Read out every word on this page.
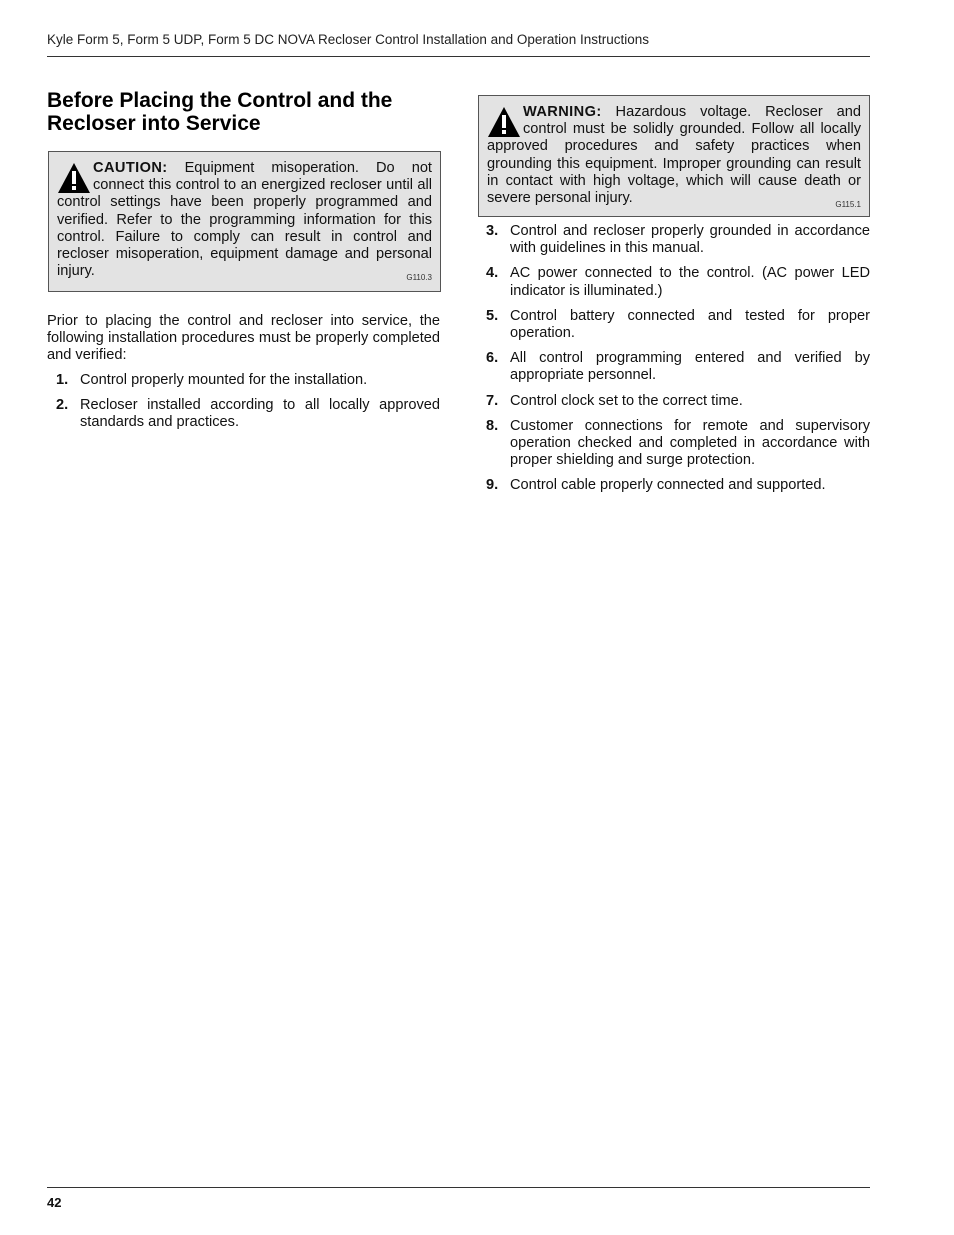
Kyle Form 5, Form 5 UDP, Form 5 DC NOVA Recloser Control Installation and Operation Instructions
Before Placing the Control and the Recloser into Service
CAUTION: Equipment misoperation. Do not connect this control to an energized recloser until all control settings have been properly programmed and verified. Refer to the programming information for this control. Failure to comply can result in control and recloser misoperation, equipment damage and personal injury.	G110.3
Prior to placing the control and recloser into service, the following installation procedures must be properly completed and verified:
1. Control properly mounted for the installation.
2. Recloser installed according to all locally approved standards and practices.
WARNING: Hazardous voltage. Recloser and control must be solidly grounded. Follow all locally approved procedures and safety practices when grounding this equipment. Improper grounding can result in contact with high voltage, which will cause death or severe personal injury.	G115.1
3. Control and recloser properly grounded in accordance with guidelines in this manual.
4. AC power connected to the control. (AC power LED indicator is illuminated.)
5. Control battery connected and tested for proper operation.
6. All control programming entered and verified by appropriate personnel.
7. Control clock set to the correct time.
8. Customer connections for remote and supervisory operation checked and completed in accordance with proper shielding and surge protection.
9. Control cable properly connected and supported.
42
